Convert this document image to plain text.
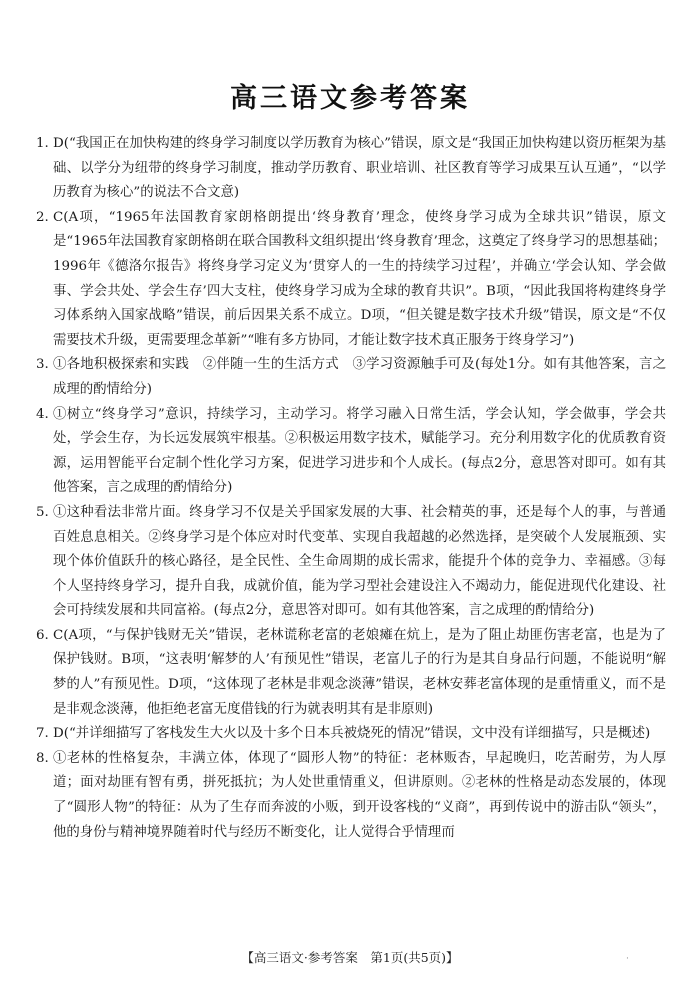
高三语文参考答案
1. D(“我国正在加快构建的终身学习制度以学历教育为核心”错误，原文是“我国正加快构建以资历框架为基础、以学分为纽带的终身学习制度，推动学历教育、职业培训、社区教育等学习成果互认互通”，“以学历教育为核心”的说法不合文意)
2. C(A项，“1965年法国教育家朗格朗提出‘终身教育’理念，使终身学习成为全球共识”错误，原文是“1965年法国教育家朗格朗在联合国教科文组织提出‘终身教育’理念，这奠定了终身学习的思想基础；1996年《德洛尔报告》将终身学习定义为‘贯穿人的一生的持续学习过程’，并确立‘学会认知、学会做事、学会共处、学会生存’四大支柱，使终身学习成为全球的教育共识”。B项，“因此我国将构建终身学习体系纳入国家战略”错误，前后因果关系不成立。D项，“但关键是数字技术升级”错误，原文是“不仅需要技术升级，更需要理念革新”“唯有多方协同，才能让数字技术真正服务于终身学习”)
3. ①各地积极探索和实践　②伴随一生的生活方式　③学习资源触手可及(每处1分。如有其他答案，言之成理的酌情给分)
4. ①树立“终身学习”意识，持续学习，主动学习。将学习融入日常生活，学会认知，学会做事，学会共处，学会生存，为长远发展筑牢根基。②积极运用数字技术，赋能学习。充分利用数字化的优质教育资源，运用智能平台定制个性化学习方案，促进学习进步和个人成长。(每点2分，意思答对即可。如有其他答案，言之成理的酌情给分)
5. ①这种看法非常片面。终身学习不仅是关乎国家发展的大事、社会精英的事，还是每个人的事，与普通百姓息息相关。②终身学习是个体应对时代变革、实现自我超越的必然选择，是突破个人发展瓶颈、实现个体价值跃升的核心路径，是全民性、全生命周期的成长需求，能提升个体的竞争力、幸福感。③每个人坚持终身学习，提升自我，成就价值，能为学习型社会建设注入不竭动力，能促进现代化建设、社会可持续发展和共同富裕。(每点2分，意思答对即可。如有其他答案，言之成理的酌情给分)
6. C(A项，“与保护钱财无关”错误，老林谎称老富的老娘瘫在炕上，是为了阻止劫匪伤害老富，也是为了保护钱财。B项，“这表明‘解梦的人’有预见性”错误，老富儿子的行为是其自身品行问题，不能说明“解梦的人”有预见性。D项，“这体现了老林是非观念淡薄”错误，老林安葬老富体现的是重情重义，而不是是非观念淡薄，他拒绝老富无度借钱的行为就表明其有是非原则)
7. D(“并详细描写了客栈发生大火以及十多个日本兵被烧死的情况”错误，文中没有详细描写，只是概述)
8. ①老林的性格复杂，丰满立体，体现了“圆形人物”的特征：老林贩杏，早起晚归，吃苦耐劳，为人厚道；面对劫匪有智有勇，拼死抵抗；为人处世重情重义，但讲原则。②老林的性格是动态发展的，体现了“圆形人物”的特征：从为了生存而奔波的小贩，到开设客栈的“义商”，再到传说中的游击队“领头”，他的身份与精神境界随着时代与经历不断变化，让人觉得合乎情理而
【高三语文·参考答案　第1页(共5页)】	·
